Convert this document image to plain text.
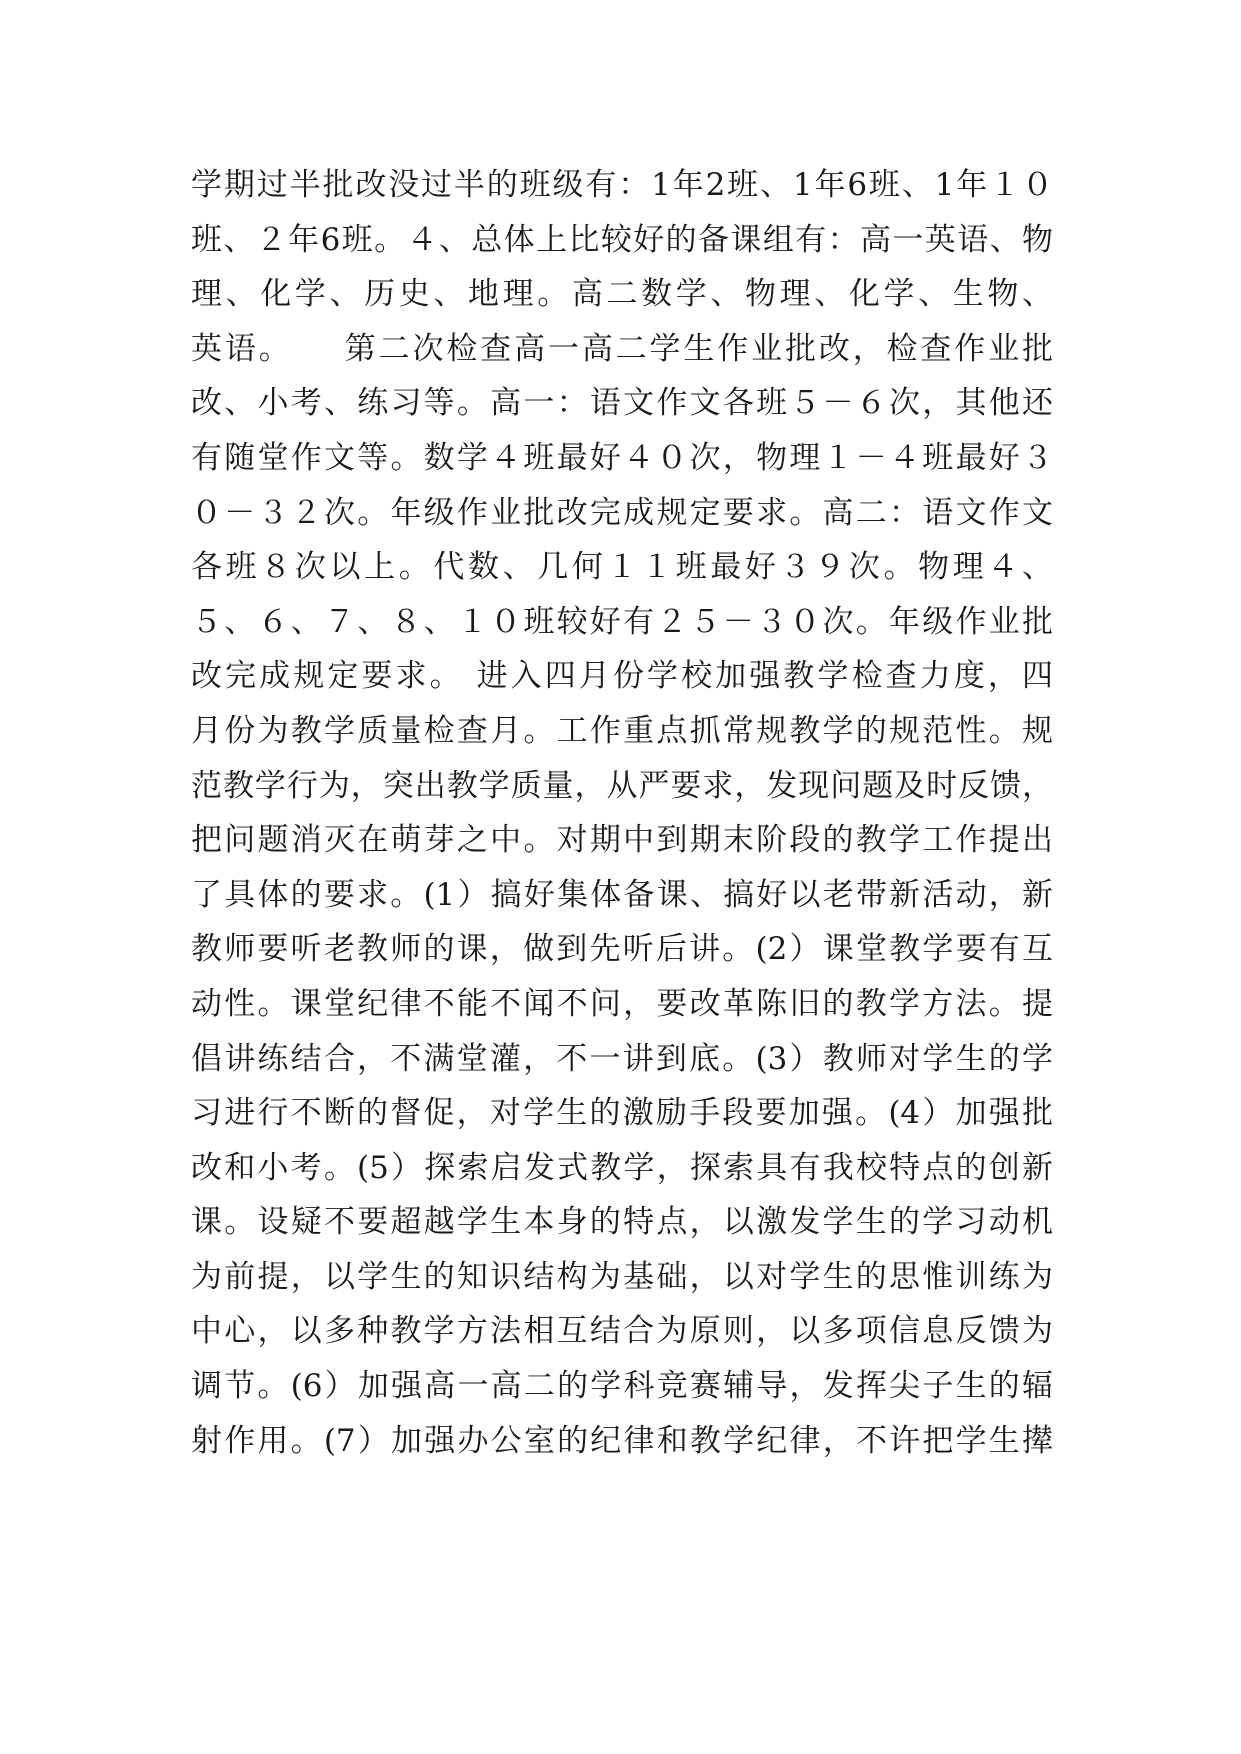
学期过半批改没过半的班级有：1年2班、1年6班、1年１０
班、２年6班。４、总体上比较好的备课组有：高一英语、物
理、化学、历史、地理。高二数学、物理、化学、生物、
英语。　　第二次检查高一高二学生作业批改，检查作业批
改、小考、练习等。高一：语文作文各班５－６次，其他还
有随堂作文等。数学４班最好４０次，物理１－４班最好３
０－３２次。年级作业批改完成规定要求。高二：语文作文
各班８次以上。代数、几何１１班最好３９次。物理４、
５、６、７、８、１０班较好有２５－３０次。年级作业批
改完成规定要求。 进入四月份学校加强教学检查力度，四
月份为教学质量检查月。工作重点抓常规教学的规范性。规
范教学行为，突出教学质量，从严要求，发现问题及时反馈，
把问题消灭在萌芽之中。对期中到期末阶段的教学工作提出
了具体的要求。(1）搞好集体备课、搞好以老带新活动，新
教师要听老教师的课，做到先听后讲。(2）课堂教学要有互
动性。课堂纪律不能不闻不问，要改革陈旧的教学方法。提
倡讲练结合，不满堂灌，不一讲到底。(3）教师对学生的学
习进行不断的督促，对学生的激励手段要加强。(4）加强批
改和小考。(5）探索启发式教学，探索具有我校特点的创新
课。设疑不要超越学生本身的特点，以激发学生的学习动机
为前提，以学生的知识结构为基础，以对学生的思惟训练为
中心，以多种教学方法相互结合为原则，以多项信息反馈为
调节。(6）加强高一高二的学科竞赛辅导，发挥尖子生的辐
射作用。(7）加强办公室的纪律和教学纪律，不许把学生撵
